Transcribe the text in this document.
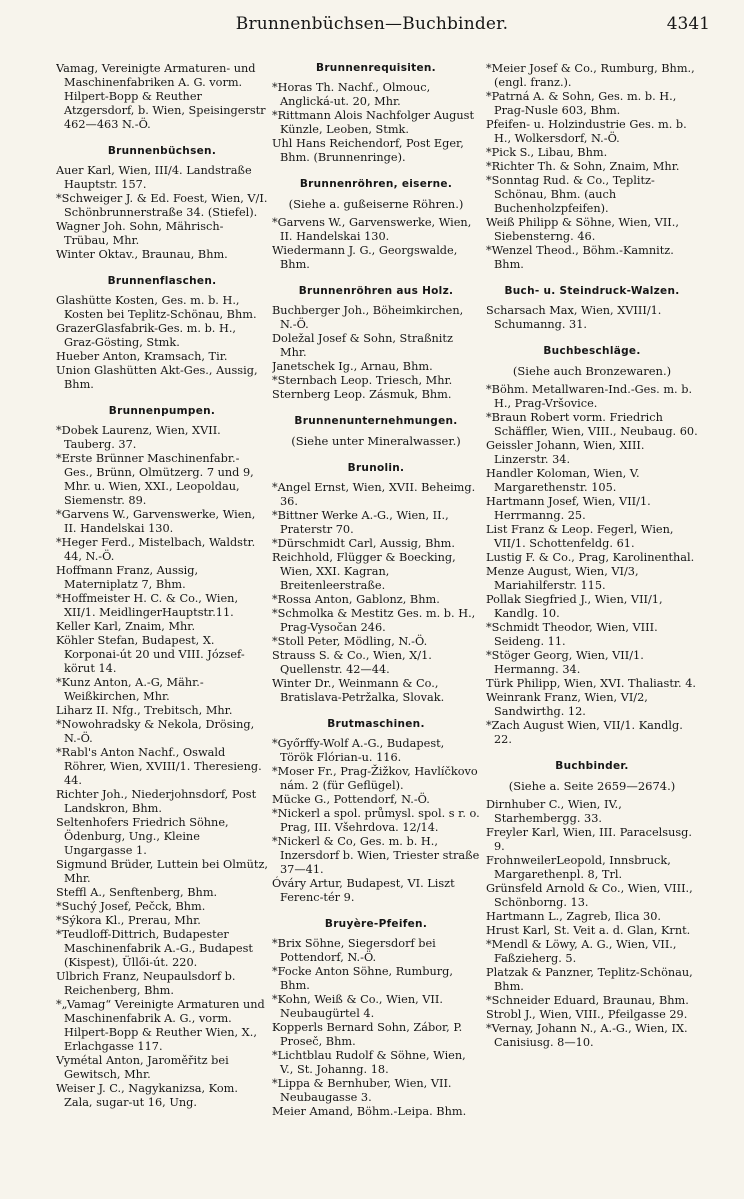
Brunnenbüchsen—Buchbinder.	4341
Vamag, Vereinigte Armaturen- und Maschinenfabriken A. G. vorm. Hilpert-Bopp & Reuther Atzgersdorf, b. Wien, Speisingerstr 462—463 N.-Ö.
Brunnenbüchsen.
Auer Karl, Wien, III/4. Landstraße Hauptstr. 157.
*Schweiger J. & Ed. Foest, Wien, V/I. Schönbrunnerstraße 34. (Stiefel).
Wagner Joh. Sohn, Mährisch-Trübau, Mhr.
Winter Oktav., Braunau, Bhm.
Brunnenflaschen.
Glashütte Kosten, Ges. m. b. H., Kosten bei Teplitz-Schönau, Bhm.
GrazerGlasfabrik-Ges. m. b. H., Graz-Gösting, Stmk.
Hueber Anton, Kramsach, Tir.
Union Glashütten Akt-Ges., Aussig, Bhm.
Brunnenpumpen.
*Dobek Laurenz, Wien, XVII. Tauberg. 37.
*Erste Brünner Maschinenfabr.-Ges., Brünn, Olmützerg. 7 und 9, Mhr. u. Wien, XXI., Leopoldau, Siemenstr. 89.
*Garvens W., Garvenswerke, Wien, II. Handelskai 130.
*Heger Ferd., Mistelbach, Waldstr. 44, N.-Ö.
Hoffmann Franz, Aussig, Materniplatz 7, Bhm.
*Hoffmeister H. C. & Co., Wien, XII/1. MeidlingerHauptstr.11.
Keller Karl, Znaim, Mhr.
Köhler Stefan, Budapest, X. Korponai-út 20 und VIII. József-körut 14.
*Kunz Anton, A.-G, Mähr.-Weißkirchen, Mhr.
Liharz II. Nfg., Trebitsch, Mhr.
*Nowohradsky & Nekola, Drösing, N.-Ö.
*Rabl's Anton Nachf., Oswald Röhrer, Wien, XVIII/1. Theresieng. 44.
Richter Joh., Niederjohnsdorf, Post Landskron, Bhm.
Seltenhofers Friedrich Söhne, Ödenburg, Ung., Kleine Ungargasse 1.
Sigmund Brüder, Luttein bei Olmütz, Mhr.
Steffl A., Senftenberg, Bhm.
*Suchý Josef, Pečck, Bhm.
*Sýkora Kl., Prerau, Mhr.
*Teudloff-Dittrich, Budapester Maschinenfabrik A.-G., Budapest (Kispest), Üllői-út. 220.
Ulbrich Franz, Neupaulsdorf b. Reichenberg, Bhm.
*„Vamag“ Vereinigte Armaturen und Maschinenfabrik A. G., vorm. Hilpert-Bopp & Reuther Wien, X., Erlachgasse 117.
Vymétal Anton, Jaroměřitz bei Gewitsch, Mhr.
Weiser J. C., Nagykanizsa, Kom. Zala, sugar-ut 16, Ung.
Brunnenrequisiten.
*Horas Th. Nachf., Olmouc, Anglická-ut. 20, Mhr.
*Rittmann Alois Nachfolger August Künzle, Leoben, Stmk.
Uhl Hans Reichendorf, Post Eger, Bhm. (Brunnenringe).
Brunnenröhren, eiserne.
(Siehe a. gußeiserne Röhren.)
*Garvens W., Garvenswerke, Wien, II. Handelskai 130.
Wiedermann J. G., Georgswalde, Bhm.
Brunnenröhren aus Holz.
Buchberger Joh., Böheimkirchen, N.-Ö.
Doležal Josef & Sohn, Straßnitz Mhr.
Janetschek Ig., Arnau, Bhm.
*Sternbach Leop. Triesch, Mhr.
Sternberg Leop. Zásmuk, Bhm.
Brunnenunternehmungen.
(Siehe unter Mineralwasser.)
Brunolin.
*Angel Ernst, Wien, XVII. Beheimg. 36.
*Bittner Werke A.-G., Wien, II., Praterstr 70.
*Dürschmidt Carl, Aussig, Bhm.
Reichhold, Flügger & Boecking, Wien, XXI. Kagran, Breitenleerstraße.
*Rossa Anton, Gablonz, Bhm.
*Schmolka & Mestitz Ges. m. b. H., Prag-Vysočan 246.
*Stoll Peter, Mödling, N.-Ö.
Strauss S. & Co., Wien, X/1. Quellenstr. 42—44.
Winter Dr., Weinmann & Co., Bratislava-Petržalka, Slovak.
Brutmaschinen.
*Győrffy-Wolf A.-G., Budapest, Török Flórian-u. 116.
*Moser Fr., Prag-Žižkov, Havlíčkovo nám. 2 (für Geflügel).
Mücke G., Pottendorf, N.-Ö.
*Nickerl a spol. průmysl. spol. s r. o. Prag, III. Všehrdova. 12/14.
*Nickerl & Co, Ges. m. b. H., Inzersdorf b. Wien, Triester straße 37—41.
Óváry Artur, Budapest, VI. Liszt Ferenc-tér 9.
Bruyère-Pfeifen.
*Brix Söhne, Siegersdorf bei Pottendorf, N.-Ö.
*Focke Anton Söhne, Rumburg, Bhm.
*Kohn, Weiß & Co., Wien, VII. Neubaugürtel 4.
Kopperls Bernard Sohn, Zábor, P. Proseč, Bhm.
*Lichtblau Rudolf & Söhne, Wien, V., St. Johanng. 18.
*Lippa & Bernhuber, Wien, VII. Neubaugasse 3.
Meier Amand, Böhm.-Leipa. Bhm.
*Meier Josef & Co., Rumburg, Bhm., (engl. franz.).
*Patrná A. & Sohn, Ges. m. b. H., Prag-Nusle 603, Bhm.
Pfeifen- u. Holzindustrie Ges. m. b. H., Wolkersdorf, N.-Ö.
*Pick S., Libau, Bhm.
*Richter Th. & Sohn, Znaim, Mhr.
*Sonntag Rud. & Co., Teplitz-Schönau, Bhm. (auch Buchenholzpfeifen).
Weiß Philipp & Söhne, Wien, VII., Siebensterng. 46.
*Wenzel Theod., Böhm.-Kamnitz. Bhm.
Buch- u. Steindruck-Walzen.
Scharsach Max, Wien, XVIII/1. Schumanng. 31.
Buchbeschläge.
(Siehe auch Bronzewaren.)
*Böhm. Metallwaren-Ind.-Ges. m. b. H., Prag-Vršovice.
*Braun Robert vorm. Friedrich Schäffler, Wien, VIII., Neubaug. 60.
Geissler Johann, Wien, XIII. Linzerstr. 34.
Handler Koloman, Wien, V. Margarethenstr. 105.
Hartmann Josef, Wien, VII/1. Herrmanng. 25.
List Franz & Leop. Fegerl, Wien, VII/1. Schottenfeldg. 61.
Lustig F. & Co., Prag, Karolinenthal.
Menze August, Wien, VI/3, Mariahilferstr. 115.
Pollak Siegfried J., Wien, VII/1, Kandlg. 10.
*Schmidt Theodor, Wien, VIII. Seideng. 11.
*Stöger Georg, Wien, VII/1. Hermanng. 34.
Türk Philipp, Wien, XVI. Thaliastr. 4.
Weinrank Franz, Wien, VI/2, Sandwirthg. 12.
*Zach August Wien, VII/1. Kandlg. 22.
Buchbinder.
(Siehe a. Seite 2659—2674.)
Dirnhuber C., Wien, IV., Starhembergg. 33.
Freyler Karl, Wien, III. Paracelsusg. 9.
FrohnweilerLeopold, Innsbruck, Margarethenpl. 8, Trl.
Grünsfeld Arnold & Co., Wien, VIII., Schönborng. 13.
Hartmann L., Zagreb, Ilica 30.
Hrust Karl, St. Veit a. d. Glan, Krnt.
*Mendl & Löwy, A. G., Wien, VII., Faßzieherg. 5.
Platzak & Panzner, Teplitz-Schönau, Bhm.
*Schneider Eduard, Braunau, Bhm.
Strobl J., Wien, VIII., Pfeilgasse 29.
*Vernay, Johann N., A.-G., Wien, IX. Canisiusg. 8—10.
